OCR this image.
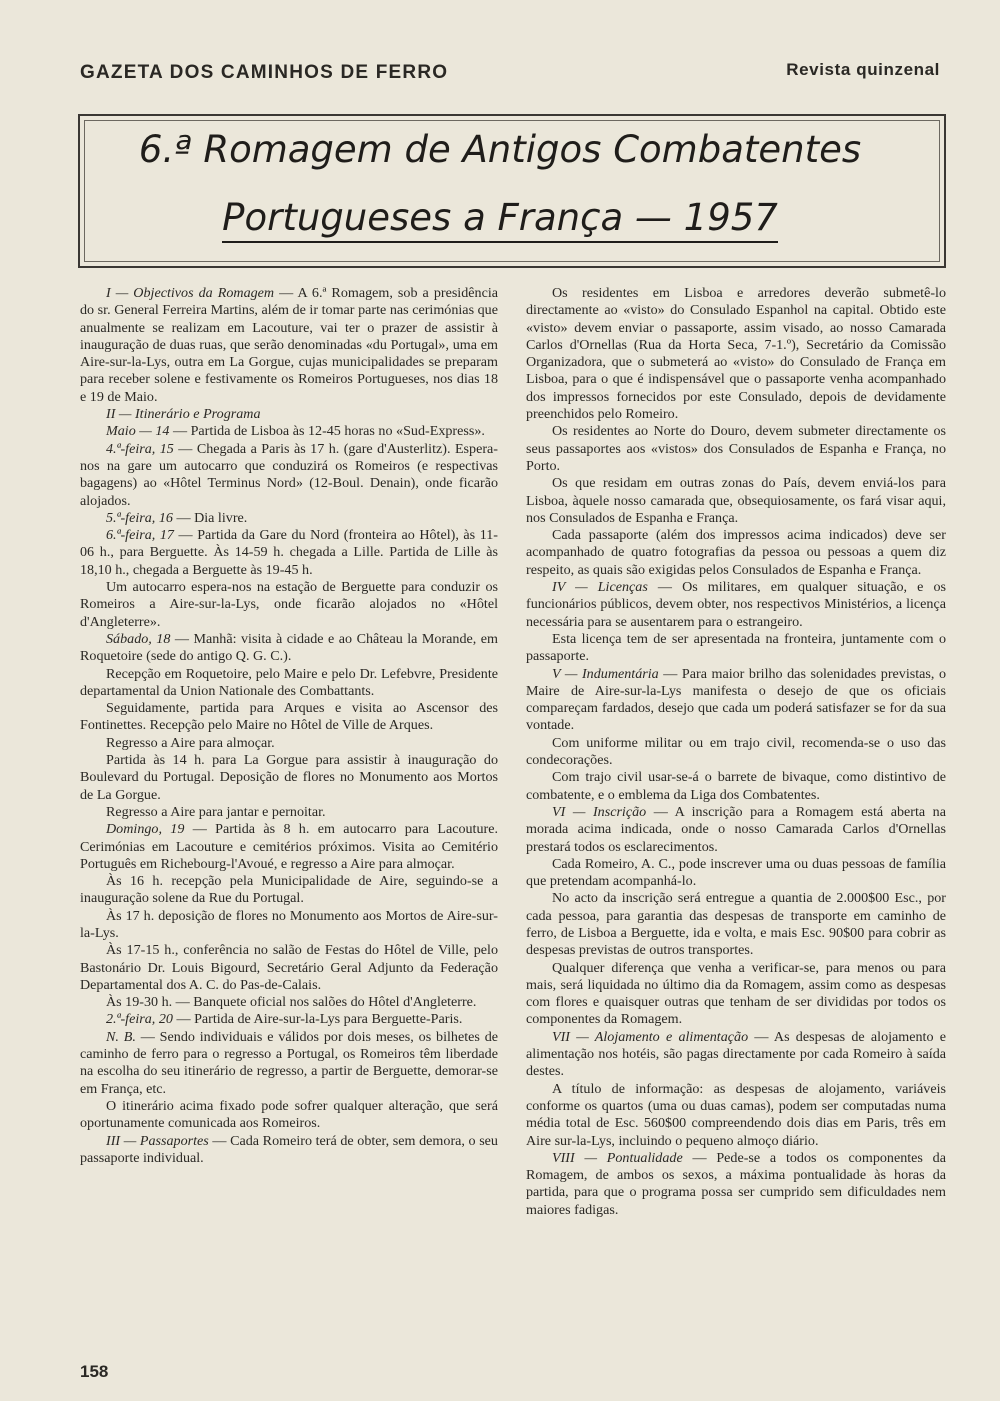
GAZETA DOS CAMINHOS DE FERRO	Revista quinzenal
6.ª Romagem de Antigos Combatentes
Portugueses a França — 1957

I — Objectivos da Romagem — A 6.ª Romagem, sob a presidência do sr. General Ferreira Martins, além de ir tomar parte nas cerimónias que anualmente se realizam em Lacouture, vai ter o prazer de assistir à inauguração de duas ruas, que serão denominadas «du Portugal», uma em Aire-sur-la-Lys, outra em La Gorgue, cujas municipalidades se preparam para receber solene e festivamente os Romeiros Portugueses, nos dias 18 e 19 de Maio.

II — Itinerário e Programa

Maio — 14 — Partida de Lisboa às 12-45 horas no «Sud-Express».

4.ª-feira, 15 — Chegada a Paris às 17 h. (gare d'Austerlitz). Espera-nos na gare um autocarro que conduzirá os Romeiros (e respectivas bagagens) ao «Hôtel Terminus Nord» (12-Boul. Denain), onde ficarão alojados.

5.ª-feira, 16 — Dia livre.

6.ª-feira, 17 — Partida da Gare du Nord (fronteira ao Hôtel), às 11-06 h., para Berguette. Às 14-59 h. chegada a Lille. Partida de Lille às 18,10 h., chegada a Berguette às 19-45 h.

Um autocarro espera-nos na estação de Berguette para conduzir os Romeiros a Aire-sur-la-Lys, onde ficarão alojados no «Hôtel d'Angleterre».

Sábado, 18 — Manhã: visita à cidade e ao Château la Morande, em Roquetoire (sede do antigo Q. G. C.).

Recepção em Roquetoire, pelo Maire e pelo Dr. Lefebvre, Presidente departamental da Union Nationale des Combattants.

Seguidamente, partida para Arques e visita ao Ascensor des Fontinettes. Recepção pelo Maire no Hôtel de Ville de Arques.

Regresso a Aire para almoçar.

Partida às 14 h. para La Gorgue para assistir à inauguração do Boulevard du Portugal. Deposição de flores no Monumento aos Mortos de La Gorgue.

Regresso a Aire para jantar e pernoitar.

Domingo, 19 — Partida às 8 h. em autocarro para Lacouture. Cerimónias em Lacouture e cemitérios próximos. Visita ao Cemitério Português em Richebourg-l'Avoué, e regresso a Aire para almoçar.

Às 16 h. recepção pela Municipalidade de Aire, seguindo-se a inauguração solene da Rue du Portugal.

Às 17 h. deposição de flores no Monumento aos Mortos de Aire-sur-la-Lys.

Às 17-15 h., conferência no salão de Festas do Hôtel de Ville, pelo Bastonário Dr. Louis Bigourd, Secretário Geral Adjunto da Federação Departamental dos A. C. do Pas-de-Calais.

Às 19-30 h. — Banquete oficial nos salões do Hôtel d'Angleterre.

2.ª-feira, 20 — Partida de Aire-sur-la-Lys para Berguette-Paris.

N. B. — Sendo individuais e válidos por dois meses, os bilhetes de caminho de ferro para o regresso a Portugal, os Romeiros têm liberdade na escolha do seu itinerário de regresso, a partir de Berguette, demorar-se em França, etc.

O itinerário acima fixado pode sofrer qualquer alteração, que será oportunamente comunicada aos Romeiros.

III — Passaportes — Cada Romeiro terá de obter, sem demora, o seu passaporte individual.

Os residentes em Lisboa e arredores deverão submetê-lo directamente ao «visto» do Consulado Espanhol na capital. Obtido este «visto» devem enviar o passaporte, assim visado, ao nosso Camarada Carlos d'Ornellas (Rua da Horta Seca, 7-1.º), Secretário da Comissão Organizadora, que o submeterá ao «visto» do Consulado de França em Lisboa, para o que é indispensável que o passaporte venha acompanhado dos impressos fornecidos por este Consulado, depois de devidamente preenchidos pelo Romeiro.

Os residentes ao Norte do Douro, devem submeter directamente os seus passaportes aos «vistos» dos Consulados de Espanha e França, no Porto.

Os que residam em outras zonas do País, devem enviá-los para Lisboa, àquele nosso camarada que, obsequiosamente, os fará visar aqui, nos Consulados de Espanha e França.

Cada passaporte (além dos impressos acima indicados) deve ser acompanhado de quatro fotografias da pessoa ou pessoas a quem diz respeito, as quais são exigidas pelos Consulados de Espanha e França.

IV — Licenças — Os militares, em qualquer situação, e os funcionários públicos, devem obter, nos respectivos Ministérios, a licença necessária para se ausentarem para o estrangeiro.

Esta licença tem de ser apresentada na fronteira, juntamente com o passaporte.

V — Indumentária — Para maior brilho das solenidades previstas, o Maire de Aire-sur-la-Lys manifesta o desejo de que os oficiais compareçam fardados, desejo que cada um poderá satisfazer se for da sua vontade.

Com uniforme militar ou em trajo civil, recomenda-se o uso das condecorações.

Com trajo civil usar-se-á o barrete de bivaque, como distintivo de combatente, e o emblema da Liga dos Combatentes.

VI — Inscrição — A inscrição para a Romagem está aberta na morada acima indicada, onde o nosso Camarada Carlos d'Ornellas prestará todos os esclarecimentos.

Cada Romeiro, A. C., pode inscrever uma ou duas pessoas de família que pretendam acompanhá-lo.

No acto da inscrição será entregue a quantia de 2.000$00 Esc., por cada pessoa, para garantia das despesas de transporte em caminho de ferro, de Lisboa a Berguette, ida e volta, e mais Esc. 90$00 para cobrir as despesas previstas de outros transportes.

Qualquer diferença que venha a verificar-se, para menos ou para mais, será liquidada no último dia da Romagem, assim como as despesas com flores e quaisquer outras que tenham de ser divididas por todos os componentes da Romagem.

VII — Alojamento e alimentação — As despesas de alojamento e alimentação nos hotéis, são pagas directamente por cada Romeiro à saída destes.

A título de informação: as despesas de alojamento, variáveis conforme os quartos (uma ou duas camas), podem ser computadas numa média total de Esc. 560$00 compreendendo dois dias em Paris, três em Aire sur-la-Lys, incluindo o pequeno almoço diário.

VIII — Pontualidade — Pede-se a todos os componentes da Romagem, de ambos os sexos, a máxima pontualidade às horas da partida, para que o programa possa ser cumprido sem dificuldades nem maiores fadigas.

158
